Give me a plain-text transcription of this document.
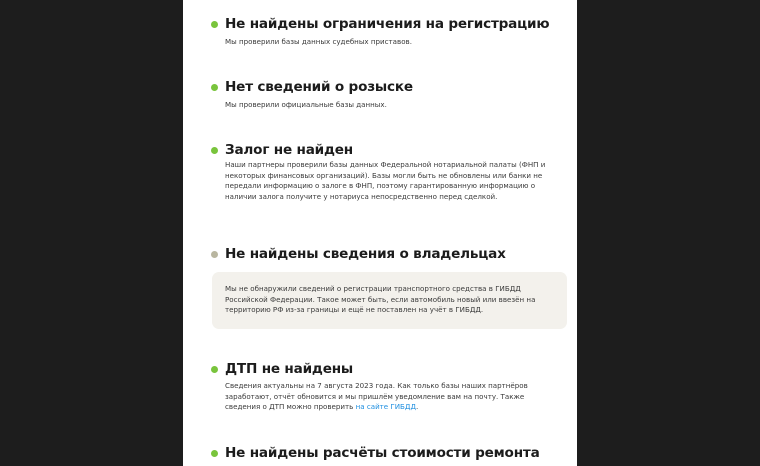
Не найдены ограничения на регистрацию

Мы проверили базы данных судебных приставов.

Нет сведений о розыске

Мы проверили официальные базы данных.

Залог не найден

Наши партнеры проверили базы данных Федеральной нотариальной палаты (ФНП и некоторых финансовых организаций). Базы могли быть не обновлены или банки не передали информацию о залоге в ФНП, поэтому гарантированную информацию о наличии залога получите у нотариуса непосредственно перед сделкой.

Не найдены сведения о владельцах

Мы не обнаружили сведений о регистрации транспортного средства в ГИБДД Российской Федерации. Такое может быть, если автомобиль новый или ввезён на территорию РФ из-за границы и ещё не поставлен на учёт в ГИБДД.

ДТП не найдены

Сведения актуальны на 7 августа 2023 года. Как только базы наших партнёров заработают, отчёт обновится и мы пришлём уведомление вам на почту. Также сведения о ДТП можно проверить на сайте ГИБДД.

Не найдены расчёты стоимости ремонта
